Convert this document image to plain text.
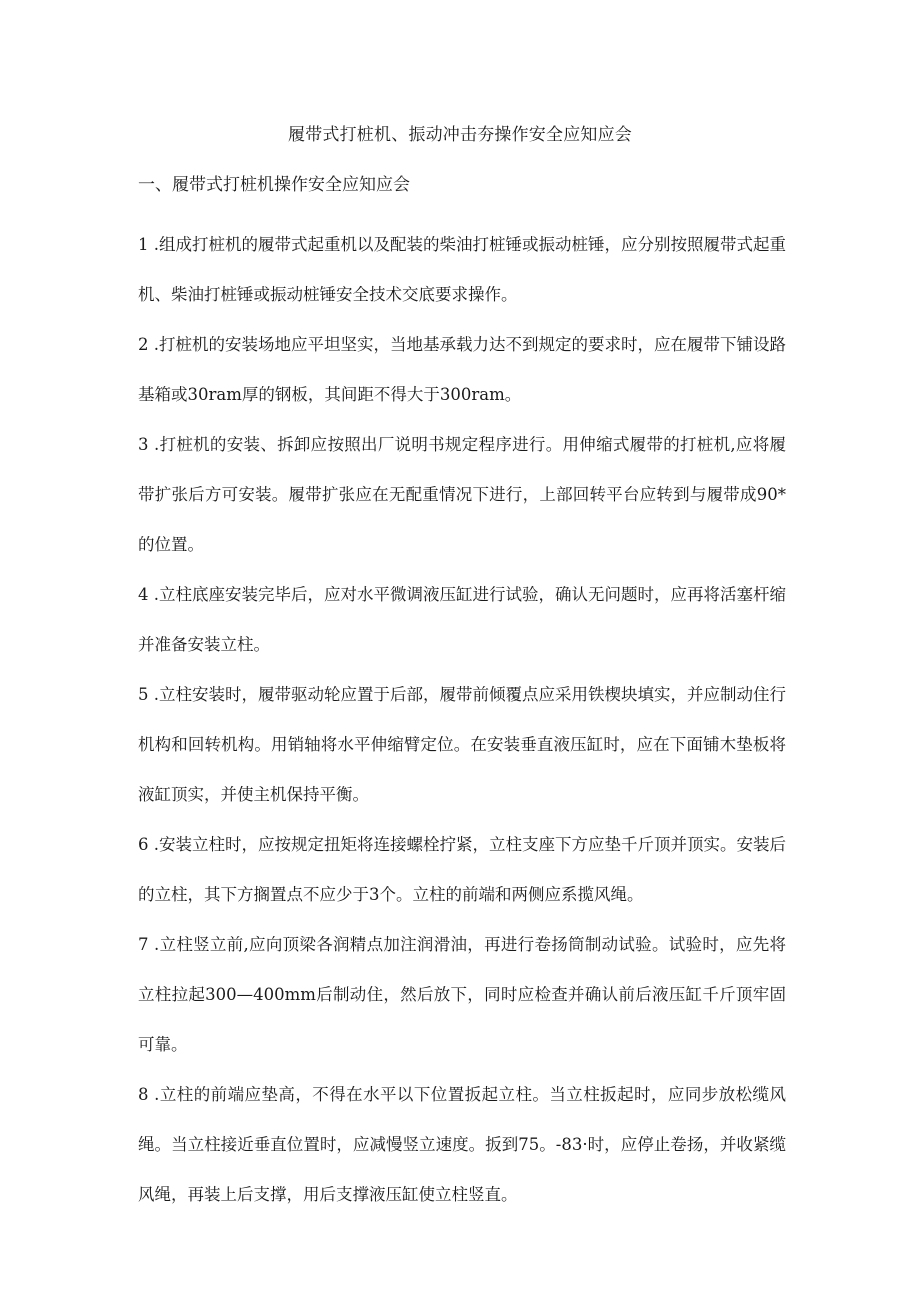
履带式打桩机、振动冲击夯操作安全应知应会
一、履带式打桩机操作安全应知应会

1 .组成打桩机的履带式起重机以及配装的柴油打桩锤或振动桩锤，应分别按照履带式起重机、柴油打桩锤或振动桩锤安全技术交底要求操作。

2 .打桩机的安装场地应平坦坚实，当地基承载力达不到规定的要求时，应在履带下铺设路基箱或30ram厚的钢板，其间距不得大于300ram。

3 .打桩机的安装、拆卸应按照出厂说明书规定程序进行。用伸缩式履带的打桩机,应将履带扩张后方可安装。履带扩张应在无配重情况下进行，上部回转平台应转到与履带成90*的位置。

4 .立柱底座安装完毕后，应对水平微调液压缸进行试验，确认无问题时，应再将活塞杆缩并准备安装立柱。

5 .立柱安装时，履带驱动轮应置于后部，履带前倾覆点应采用铁楔块填实，并应制动住行机构和回转机构。用销轴将水平伸缩臂定位。在安装垂直液压缸时，应在下面铺木垫板将液缸顶实，并使主机保持平衡。

6 .安装立柱时，应按规定扭矩将连接螺栓拧紧，立柱支座下方应垫千斤顶并顶实。安装后的立柱，其下方搁置点不应少于3个。立柱的前端和两侧应系揽风绳。

7 .立柱竖立前,应向顶梁各润精点加注润滑油，再进行卷扬筒制动试验。试验时，应先将立柱拉起300—400mm后制动住，然后放下，同时应检查并确认前后液压缸千斤顶牢固可靠。

8 .立柱的前端应垫高，不得在水平以下位置扳起立柱。当立柱扳起时，应同步放松缆风绳。当立柱接近垂直位置时，应减慢竖立速度。扳到75。-83·时，应停止卷扬，并收紧缆风绳，再装上后支撑，用后支撑液压缸使立柱竖直。
